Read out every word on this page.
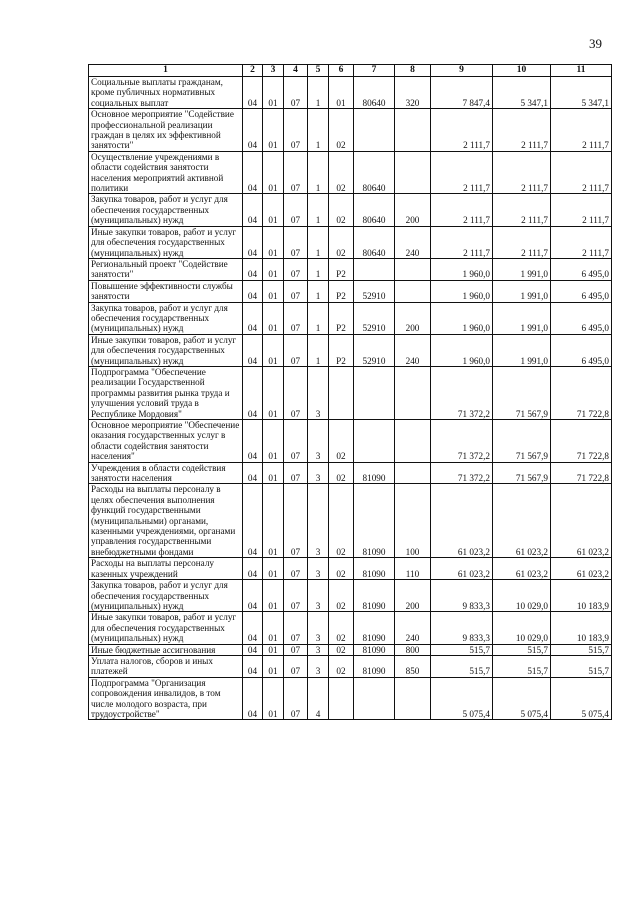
39
1	2	3	4	5	6	7	8	9	10	11
Социальные выплаты гражданам, кроме публичных нормативных социальных выплат	04	01	07	1	01	80640	320	7 847,4	5 347,1	5 347,1
Основное мероприятие "Содействие профессиональной реализации граждан в целях их эффективной занятости"	04	01	07	1	02			2 111,7	2 111,7	2 111,7
Осуществление учреждениями в области содействия занятости населения мероприятий активной политики	04	01	07	1	02	80640		2 111,7	2 111,7	2 111,7
Закупка товаров, работ и услуг для обеспечения государственных (муниципальных) нужд	04	01	07	1	02	80640	200	2 111,7	2 111,7	2 111,7
Иные закупки товаров, работ и услуг для обеспечения государственных (муниципальных) нужд	04	01	07	1	02	80640	240	2 111,7	2 111,7	2 111,7
Региональный проект "Содействие занятости"	04	01	07	1	P2			1 960,0	1 991,0	6 495,0
Повышение эффективности службы занятости	04	01	07	1	P2	52910		1 960,0	1 991,0	6 495,0
Закупка товаров, работ и услуг для обеспечения государственных (муниципальных) нужд	04	01	07	1	P2	52910	200	1 960,0	1 991,0	6 495,0
Иные закупки товаров, работ и услуг для обеспечения государственных (муниципальных) нужд	04	01	07	1	P2	52910	240	1 960,0	1 991,0	6 495,0
Подпрограмма "Обеспечение реализации Государственной программы развития рынка труда и улучшения условий труда в Республике Мордовия"	04	01	07	3				71 372,2	71 567,9	71 722,8
Основное мероприятие "Обеспечение оказания государственных услуг в области содействия занятости населения"	04	01	07	3	02			71 372,2	71 567,9	71 722,8
Учреждения в области содействия занятости населения	04	01	07	3	02	81090		71 372,2	71 567,9	71 722,8
Расходы на выплаты персоналу в целях обеспечения выполнения функций государственными (муниципальными) органами, казенными учреждениями, органами управления государственными внебюджетными фондами	04	01	07	3	02	81090	100	61 023,2	61 023,2	61 023,2
Расходы на выплаты персоналу казенных учреждений	04	01	07	3	02	81090	110	61 023,2	61 023,2	61 023,2
Закупка товаров, работ и услуг для обеспечения государственных (муниципальных) нужд	04	01	07	3	02	81090	200	9 833,3	10 029,0	10 183,9
Иные закупки товаров, работ и услуг для обеспечения государственных (муниципальных) нужд	04	01	07	3	02	81090	240	9 833,3	10 029,0	10 183,9
Иные бюджетные ассигнования	04	01	07	3	02	81090	800	515,7	515,7	515,7
Уплата налогов, сборов и иных платежей	04	01	07	3	02	81090	850	515,7	515,7	515,7
Подпрограмма "Организация сопровождения инвалидов, в том числе молодого возраста, при трудоустройстве"	04	01	07	4				5 075,4	5 075,4	5 075,4
